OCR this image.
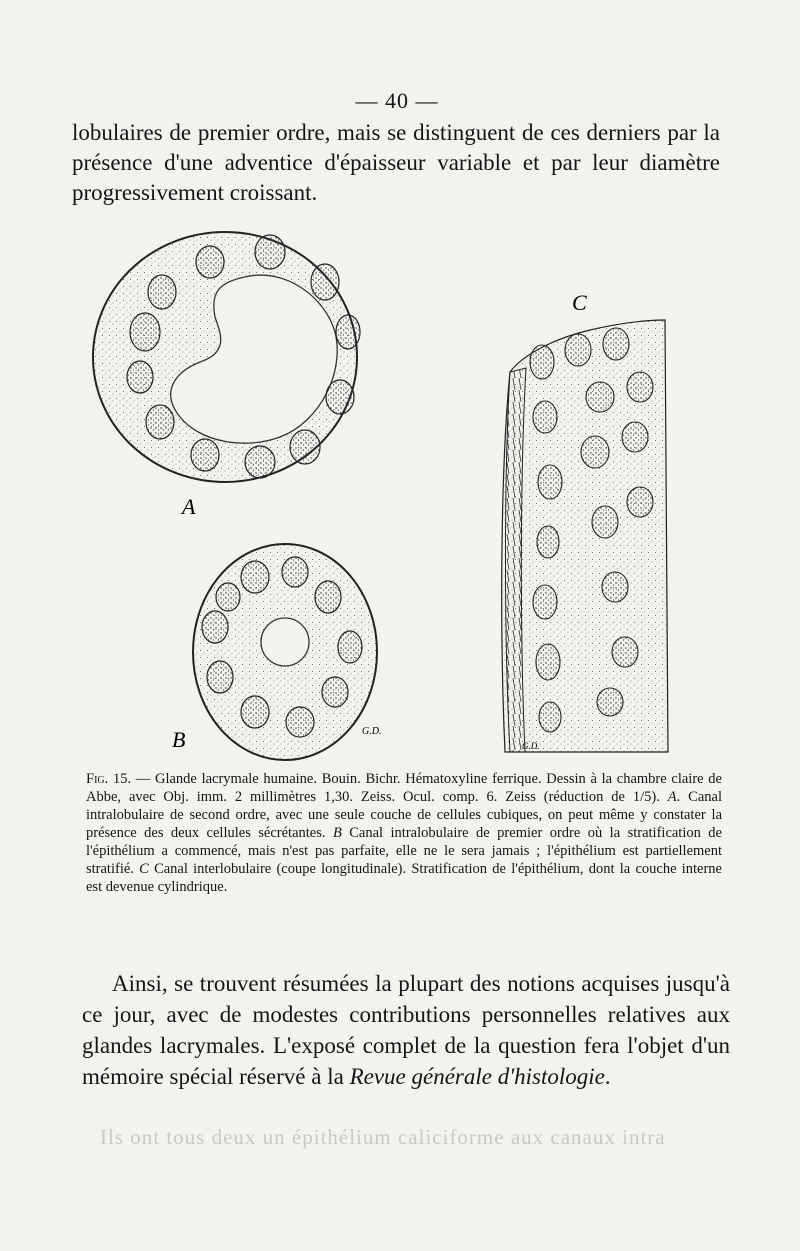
— 40 —

lobulaires de premier ordre, mais se distinguent de ces derniers par la présence d'une adventice d'épaisseur variable et par leur diamètre progressivement croissant.

A
B	G.D.
C
G.D.

Fig. 15. — Glande lacrymale humaine. Bouin. Bichr. Hématoxyline ferrique. Dessin à la chambre claire de Abbe, avec Obj. imm. 2 millimètres 1,30. Zeiss. Ocul. comp. 6. Zeiss (réduction de 1/5). A. Canal intralobulaire de second ordre, avec une seule couche de cellules cubiques, on peut même y constater la présence des deux cellules sécrétantes. B Canal intralobulaire de premier ordre où la stratification de l'épithélium a commencé, mais n'est pas parfaite, elle ne le sera jamais ; l'épithélium est partiellement stratifié. C Canal interlobulaire (coupe longitudinale). Stratification de l'épithélium, dont la couche interne est devenue cylindrique.

Ainsi, se trouvent résumées la plupart des notions acquises jusqu'à ce jour, avec de modestes contributions personnelles relatives aux glandes lacrymales. L'exposé complet de la question fera l'objet d'un mémoire spécial réservé à la Revue générale d'histologie.

Ils ont tous deux un épithélium caliciforme aux canaux intra
